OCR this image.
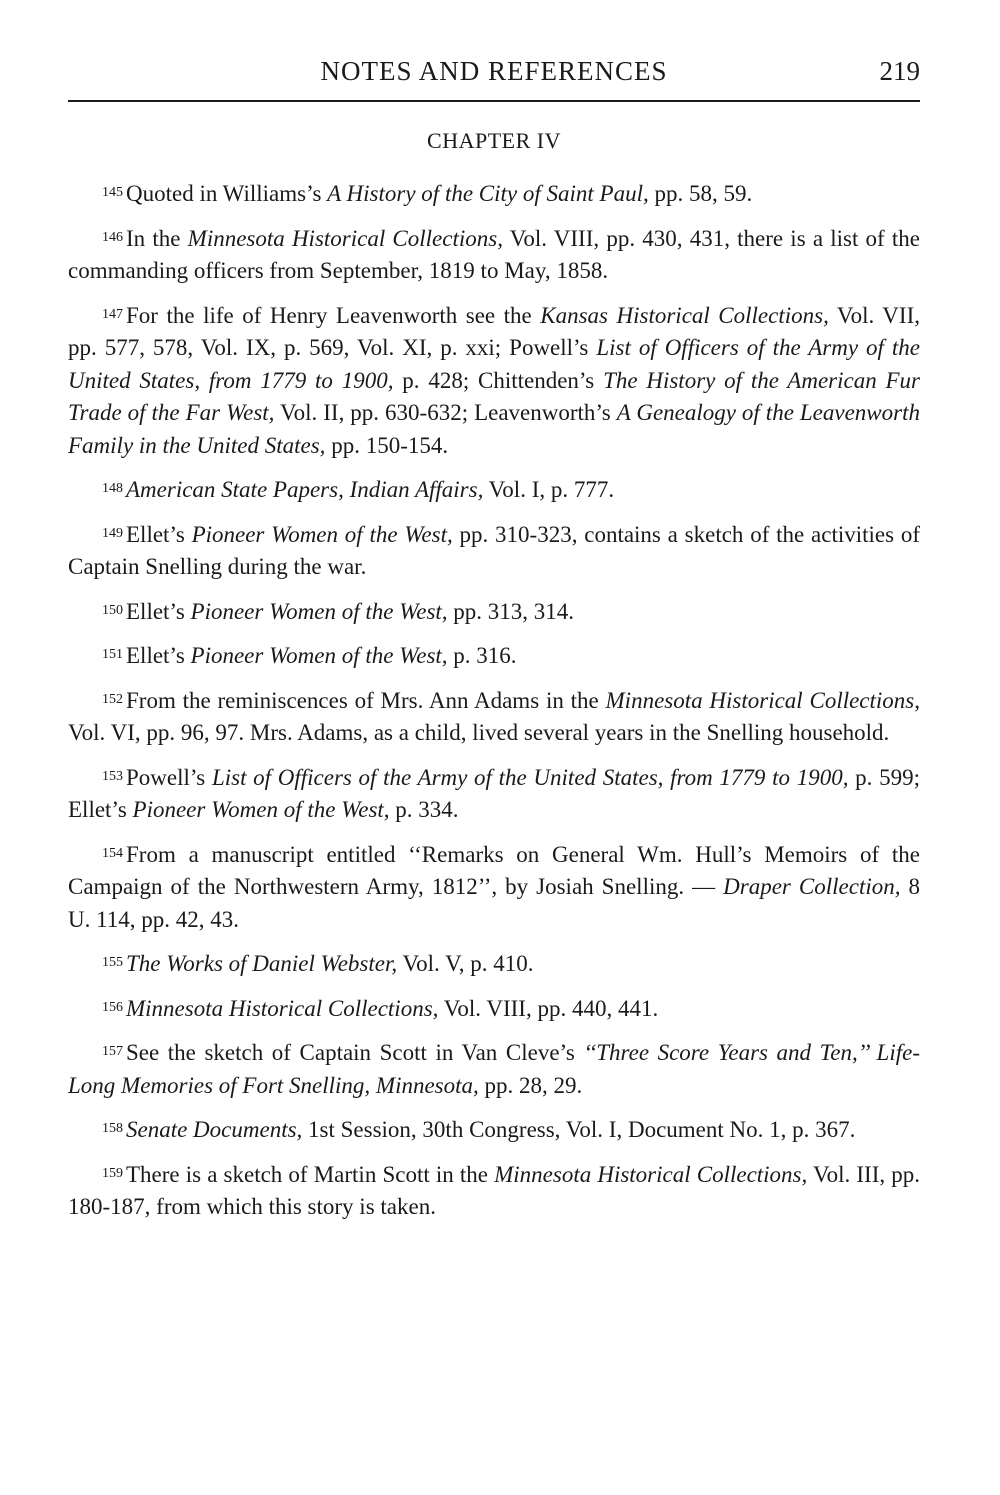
NOTES AND REFERENCES	219
CHAPTER IV

$^{145}$ Quoted in Williams’s A History of the City of Saint Paul, pp. 58, 59.

$^{146}$ In the Minnesota Historical Collections, Vol. VIII, pp. 430, 431, there is a list of the commanding officers from September, 1819 to May, 1858.

$^{147}$ For the life of Henry Leavenworth see the Kansas Historical Collections, Vol. VII, pp. 577, 578, Vol. IX, p. 569, Vol. XI, p. xxi; Powell’s List of Officers of the Army of the United States, from 1779 to 1900, p. 428; Chittenden’s The History of the American Fur Trade of the Far West, Vol. II, pp. 630-632; Leavenworth’s A Genealogy of the Leavenworth Family in the United States, pp. 150-154.

$^{148}$ American State Papers, Indian Affairs, Vol. I, p. 777.

$^{149}$ Ellet’s Pioneer Women of the West, pp. 310-323, contains a sketch of the activities of Captain Snelling during the war.

$^{150}$ Ellet’s Pioneer Women of the West, pp. 313, 314.

$^{151}$ Ellet’s Pioneer Women of the West, p. 316.

$^{152}$ From the reminiscences of Mrs. Ann Adams in the Minnesota Historical Collections, Vol. VI, pp. 96, 97. Mrs. Adams, as a child, lived several years in the Snelling household.

$^{153}$ Powell’s List of Officers of the Army of the United States, from 1779 to 1900, p. 599; Ellet’s Pioneer Women of the West, p. 334.

$^{154}$ From a manuscript entitled ‘‘Remarks on General Wm. Hull’s Memoirs of the Campaign of the Northwestern Army, 1812’’, by Josiah Snelling. — Draper Collection, 8 U. 114, pp. 42, 43.

$^{155}$ The Works of Daniel Webster, Vol. V, p. 410.

$^{156}$ Minnesota Historical Collections, Vol. VIII, pp. 440, 441.

$^{157}$ See the sketch of Captain Scott in Van Cleve’s ‘‘Three Score Years and Ten,’’ Life-Long Memories of Fort Snelling, Minnesota, pp. 28, 29.

$^{158}$ Senate Documents, 1st Session, 30th Congress, Vol. I, Document No. 1, p. 367.

$^{159}$ There is a sketch of Martin Scott in the Minnesota Historical Collections, Vol. III, pp. 180-187, from which this story is taken.
